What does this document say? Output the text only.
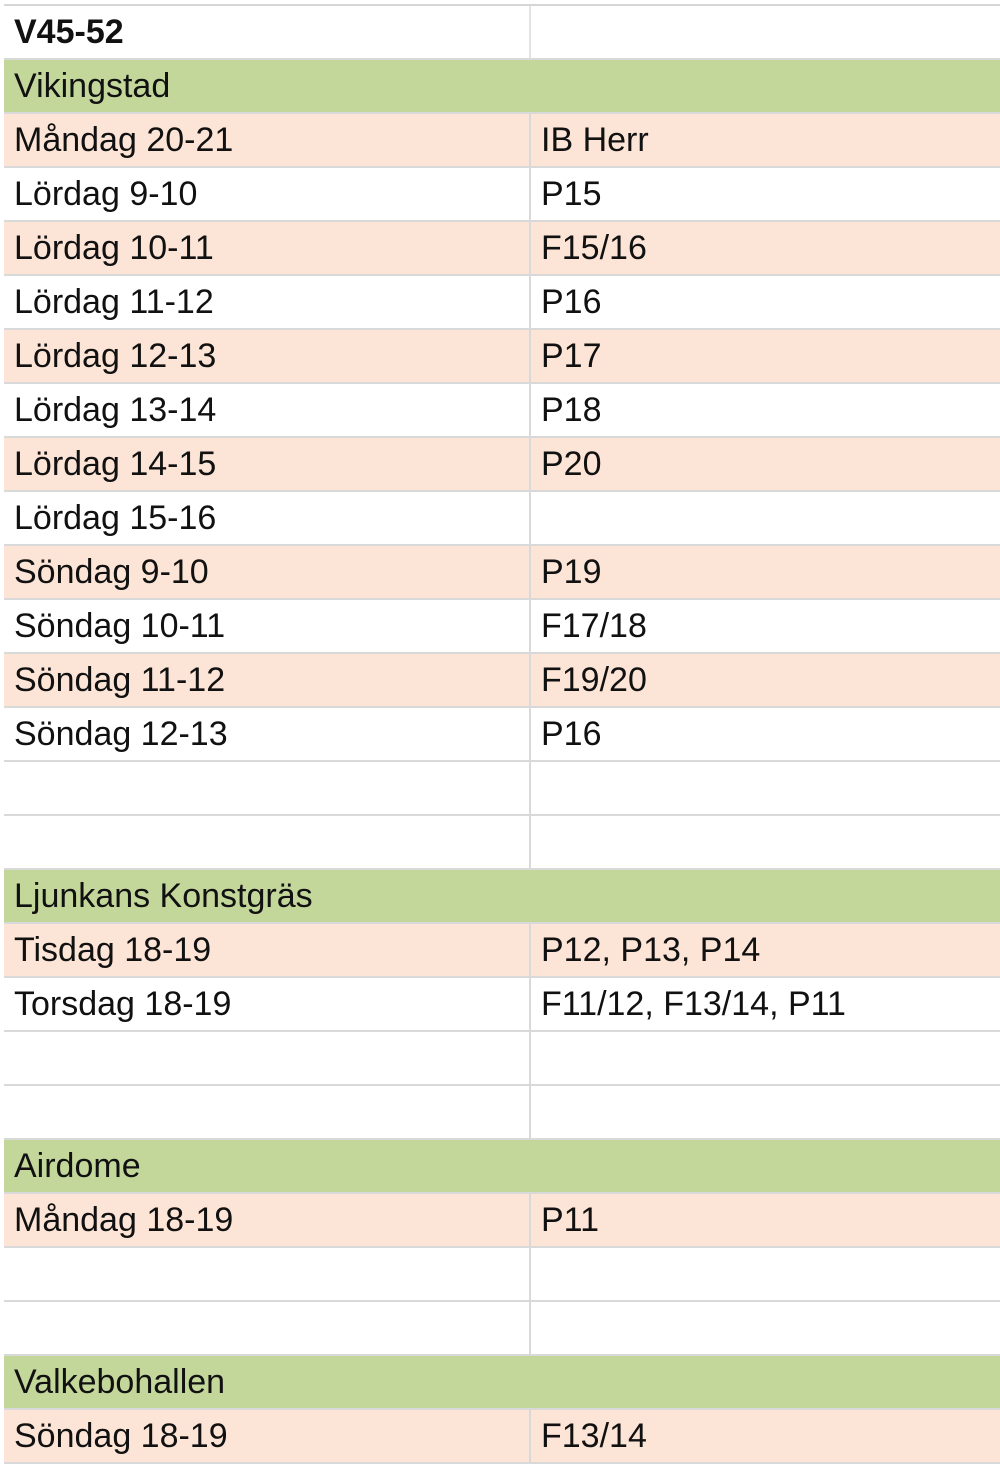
V45-52
Vikingstad
Måndag 20-21	IB Herr
Lördag 9-10	P15
Lördag 10-11	F15/16
Lördag 11-12	P16
Lördag 12-13	P17
Lördag 13-14	P18
Lördag 14-15	P20
Lördag 15-16
Söndag 9-10	P19
Söndag 10-11	F17/18
Söndag 11-12	F19/20
Söndag 12-13	P16
Ljunkans Konstgräs
Tisdag 18-19	P12, P13, P14
Torsdag 18-19	F11/12, F13/14, P11
Airdome
Måndag 18-19	P11
Valkebohallen
Söndag 18-19	F13/14
